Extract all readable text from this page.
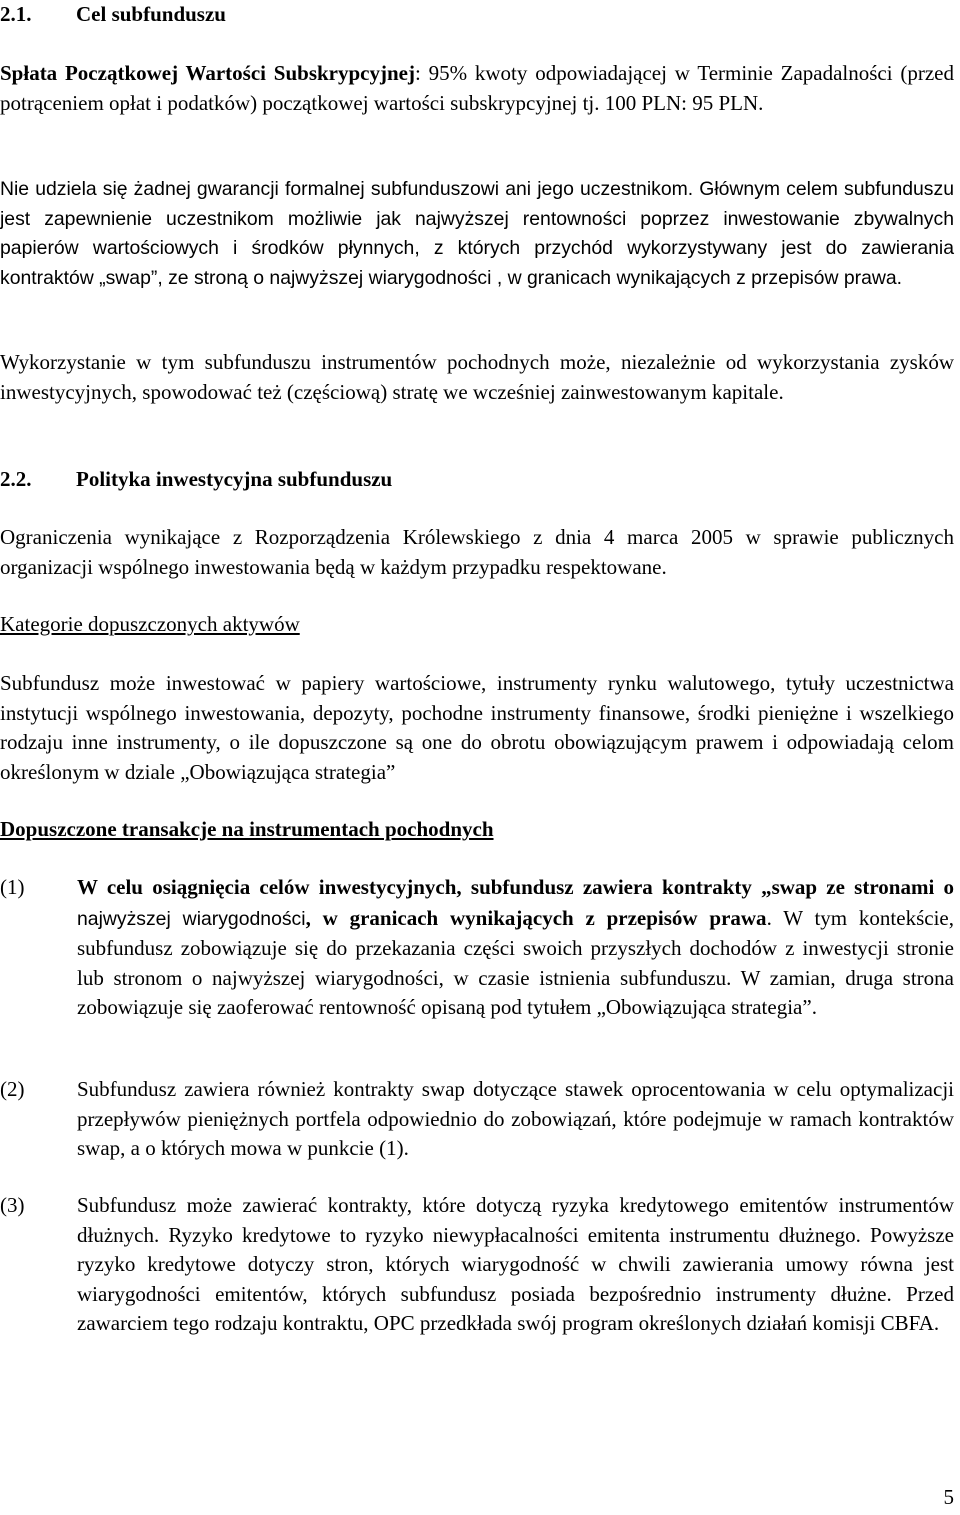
2.1. Cel subfunduszu
Spłata Początkowej Wartości Subskrypcyjnej: 95% kwoty odpowiadającej w Terminie Zapadalności (przed potrąceniem opłat i podatków) początkowej wartości subskrypcyjnej tj. 100 PLN: 95 PLN.
Nie udziela się żadnej gwarancji formalnej subfunduszowi ani jego uczestnikom. Głównym celem subfunduszu jest zapewnienie uczestnikom możliwie jak najwyższej rentowności poprzez inwestowanie zbywalnych papierów wartościowych i środków płynnych, z których przychód wykorzystywany jest do zawierania kontraktów „swap”, ze stroną o najwyższej wiarygodności , w granicach wynikających z przepisów prawa.
Wykorzystanie w tym subfunduszu instrumentów pochodnych może, niezależnie od wykorzystania zysków inwestycyjnych, spowodować też (częściową) stratę we wcześniej zainwestowanym kapitale.
2.2. Polityka inwestycyjna subfunduszu
Ograniczenia wynikające z Rozporządzenia Królewskiego z dnia 4 marca 2005 w sprawie publicznych organizacji wspólnego inwestowania będą w każdym przypadku respektowane.
Kategorie dopuszczonych aktywów
Subfundusz może inwestować w papiery wartościowe, instrumenty rynku walutowego, tytuły uczestnictwa instytucji wspólnego inwestowania, depozyty, pochodne instrumenty finansowe, środki pieniężne i wszelkiego rodzaju inne instrumenty, o ile dopuszczone są one do obrotu obowiązującym prawem i odpowiadają celom określonym w dziale „Obowiązująca strategia”
Dopuszczone transakcje na instrumentach pochodnych
(1)	W celu osiągnięcia celów inwestycyjnych, subfundusz zawiera kontrakty „swap ze stronami o najwyższej wiarygodności, w granicach wynikających z przepisów prawa. W tym kontekście, subfundusz zobowiązuje się do przekazania części swoich przyszłych dochodów z inwestycji stronie lub stronom o najwyższej wiarygodności, w czasie istnienia subfunduszu. W zamian, druga strona zobowiązuje się zaoferować rentowność opisaną pod tytułem „Obowiązująca strategia”.
(2)	Subfundusz zawiera również kontrakty swap dotyczące stawek oprocentowania w celu optymalizacji przepływów pieniężnych portfela odpowiednio do zobowiązań, które podejmuje w ramach kontraktów swap, a o których mowa w punkcie (1).
(3)	Subfundusz może zawierać kontrakty, które dotyczą ryzyka kredytowego emitentów instrumentów dłużnych. Ryzyko kredytowe to ryzyko niewypłacalności emitenta instrumentu dłużnego. Powyższe ryzyko kredytowe dotyczy stron, których wiarygodność w chwili zawierania umowy równa jest wiarygodności emitentów, których subfundusz posiada bezpośrednio instrumenty dłużne. Przed zawarciem tego rodzaju kontraktu, OPC przedkłada swój program określonych działań komisji CBFA.
5
